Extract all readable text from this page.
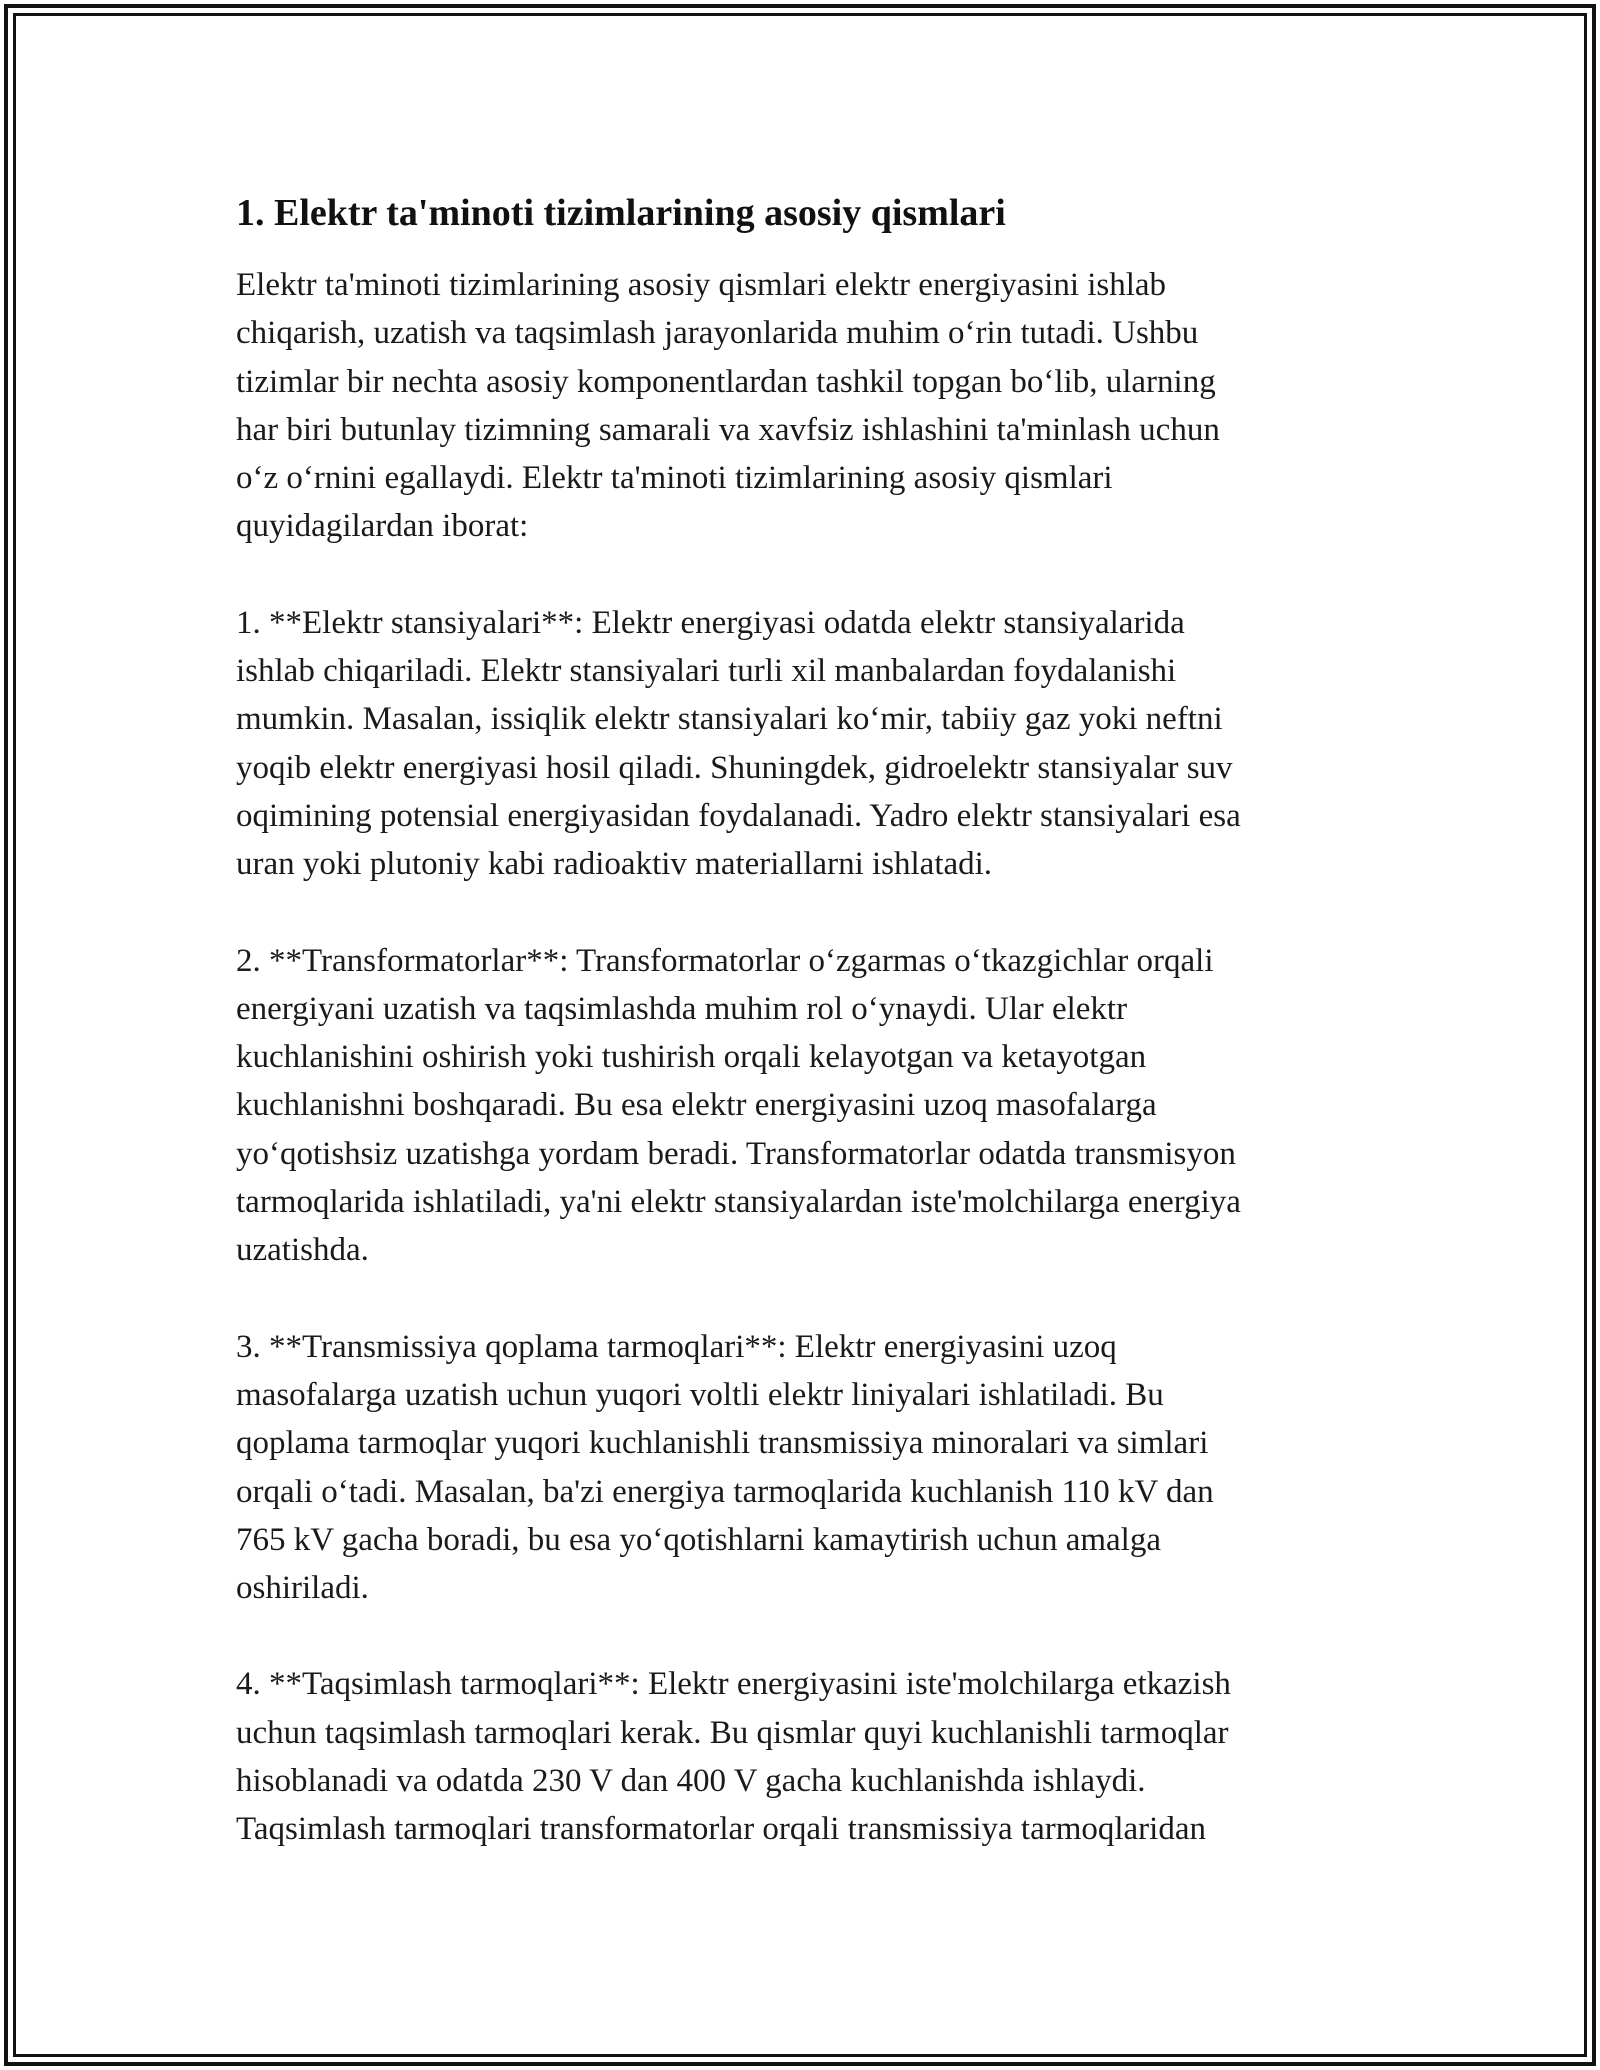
1. Elektr ta'minoti tizimlarining asosiy qismlari

Elektr ta'minoti tizimlarining asosiy qismlari elektr energiyasini ishlab
chiqarish, uzatish va taqsimlash jarayonlarida muhim o‘rin tutadi. Ushbu
tizimlar bir nechta asosiy komponentlardan tashkil topgan bo‘lib, ularning
har biri butunlay tizimning samarali va xavfsiz ishlashini ta'minlash uchun
o‘z o‘rnini egallaydi. Elektr ta'minoti tizimlarining asosiy qismlari
quyidagilardan iborat:

1. **Elektr stansiyalari**: Elektr energiyasi odatda elektr stansiyalarida
ishlab chiqariladi. Elektr stansiyalari turli xil manbalardan foydalanishi
mumkin. Masalan, issiqlik elektr stansiyalari ko‘mir, tabiiy gaz yoki neftni
yoqib elektr energiyasi hosil qiladi. Shuningdek, gidroelektr stansiyalar suv
oqimining potensial energiyasidan foydalanadi. Yadro elektr stansiyalari esa
uran yoki plutoniy kabi radioaktiv materiallarni ishlatadi.

2. **Transformatorlar**: Transformatorlar o‘zgarmas o‘tkazgichlar orqali
energiyani uzatish va taqsimlashda muhim rol o‘ynaydi. Ular elektr
kuchlanishini oshirish yoki tushirish orqali kelayotgan va ketayotgan
kuchlanishni boshqaradi. Bu esa elektr energiyasini uzoq masofalarga
yo‘qotishsiz uzatishga yordam beradi. Transformatorlar odatda transmisyon
tarmoqlarida ishlatiladi, ya'ni elektr stansiyalardan iste'molchilarga energiya
uzatishda.

3. **Transmissiya qoplama tarmoqlari**: Elektr energiyasini uzoq
masofalarga uzatish uchun yuqori voltli elektr liniyalari ishlatiladi. Bu
qoplama tarmoqlar yuqori kuchlanishli transmissiya minoralari va simlari
orqali o‘tadi. Masalan, ba'zi energiya tarmoqlarida kuchlanish 110 kV dan
765 kV gacha boradi, bu esa yo‘qotishlarni kamaytirish uchun amalga
oshiriladi.

4. **Taqsimlash tarmoqlari**: Elektr energiyasini iste'molchilarga etkazish
uchun taqsimlash tarmoqlari kerak. Bu qismlar quyi kuchlanishli tarmoqlar
hisoblanadi va odatda 230 V dan 400 V gacha kuchlanishda ishlaydi.
Taqsimlash tarmoqlari transformatorlar orqali transmissiya tarmoqlaridan
